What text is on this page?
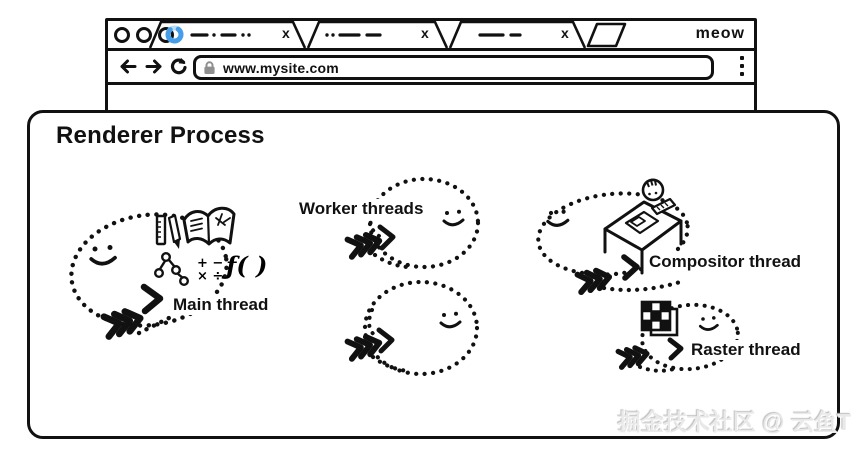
x	x	x	meow
www.mysite.com
Renderer Process
+ −
× ÷ ƒ( )
Main thread
Worker threads
Compositor thread
Raster thread
掘金技术社区 @ 云鱼T
